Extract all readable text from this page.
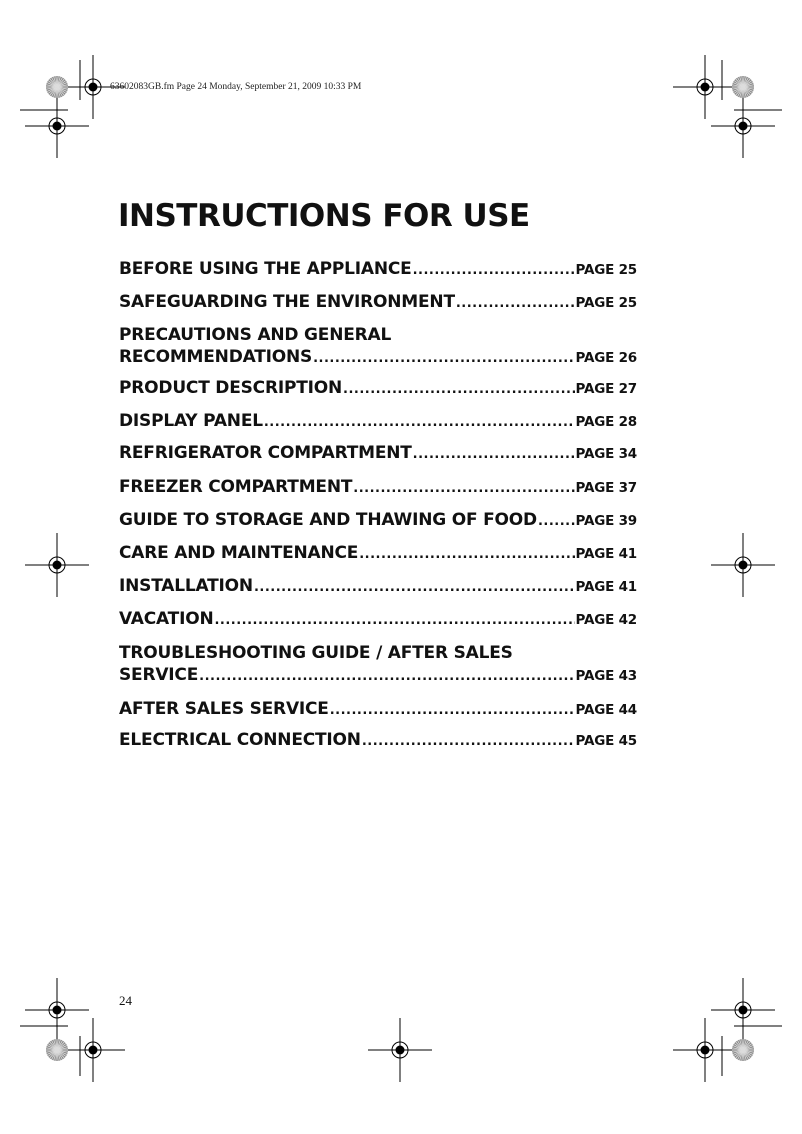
63602083GB.fm Page 24 Monday, September 21, 2009 10:33 PM
INSTRUCTIONS FOR USE
BEFORE USING THE APPLIANCE .....	PAGE 25
SAFEGUARDING THE ENVIRONMENT .....	PAGE 25
PRECAUTIONS AND GENERAL
RECOMMENDATIONS .....	PAGE 26
PRODUCT DESCRIPTION .....	PAGE 27
DISPLAY PANEL .....	PAGE 28
REFRIGERATOR COMPARTMENT .....	PAGE 34
FREEZER COMPARTMENT .....	PAGE 37
GUIDE TO STORAGE AND THAWING OF FOOD .....	PAGE 39
CARE AND MAINTENANCE .....	PAGE 41
INSTALLATION .....	PAGE 41
VACATION .....	PAGE 42
TROUBLESHOOTING GUIDE / AFTER SALES
SERVICE .....	PAGE 43
AFTER SALES SERVICE .....	PAGE 44
ELECTRICAL CONNECTION .....	PAGE 45
24
